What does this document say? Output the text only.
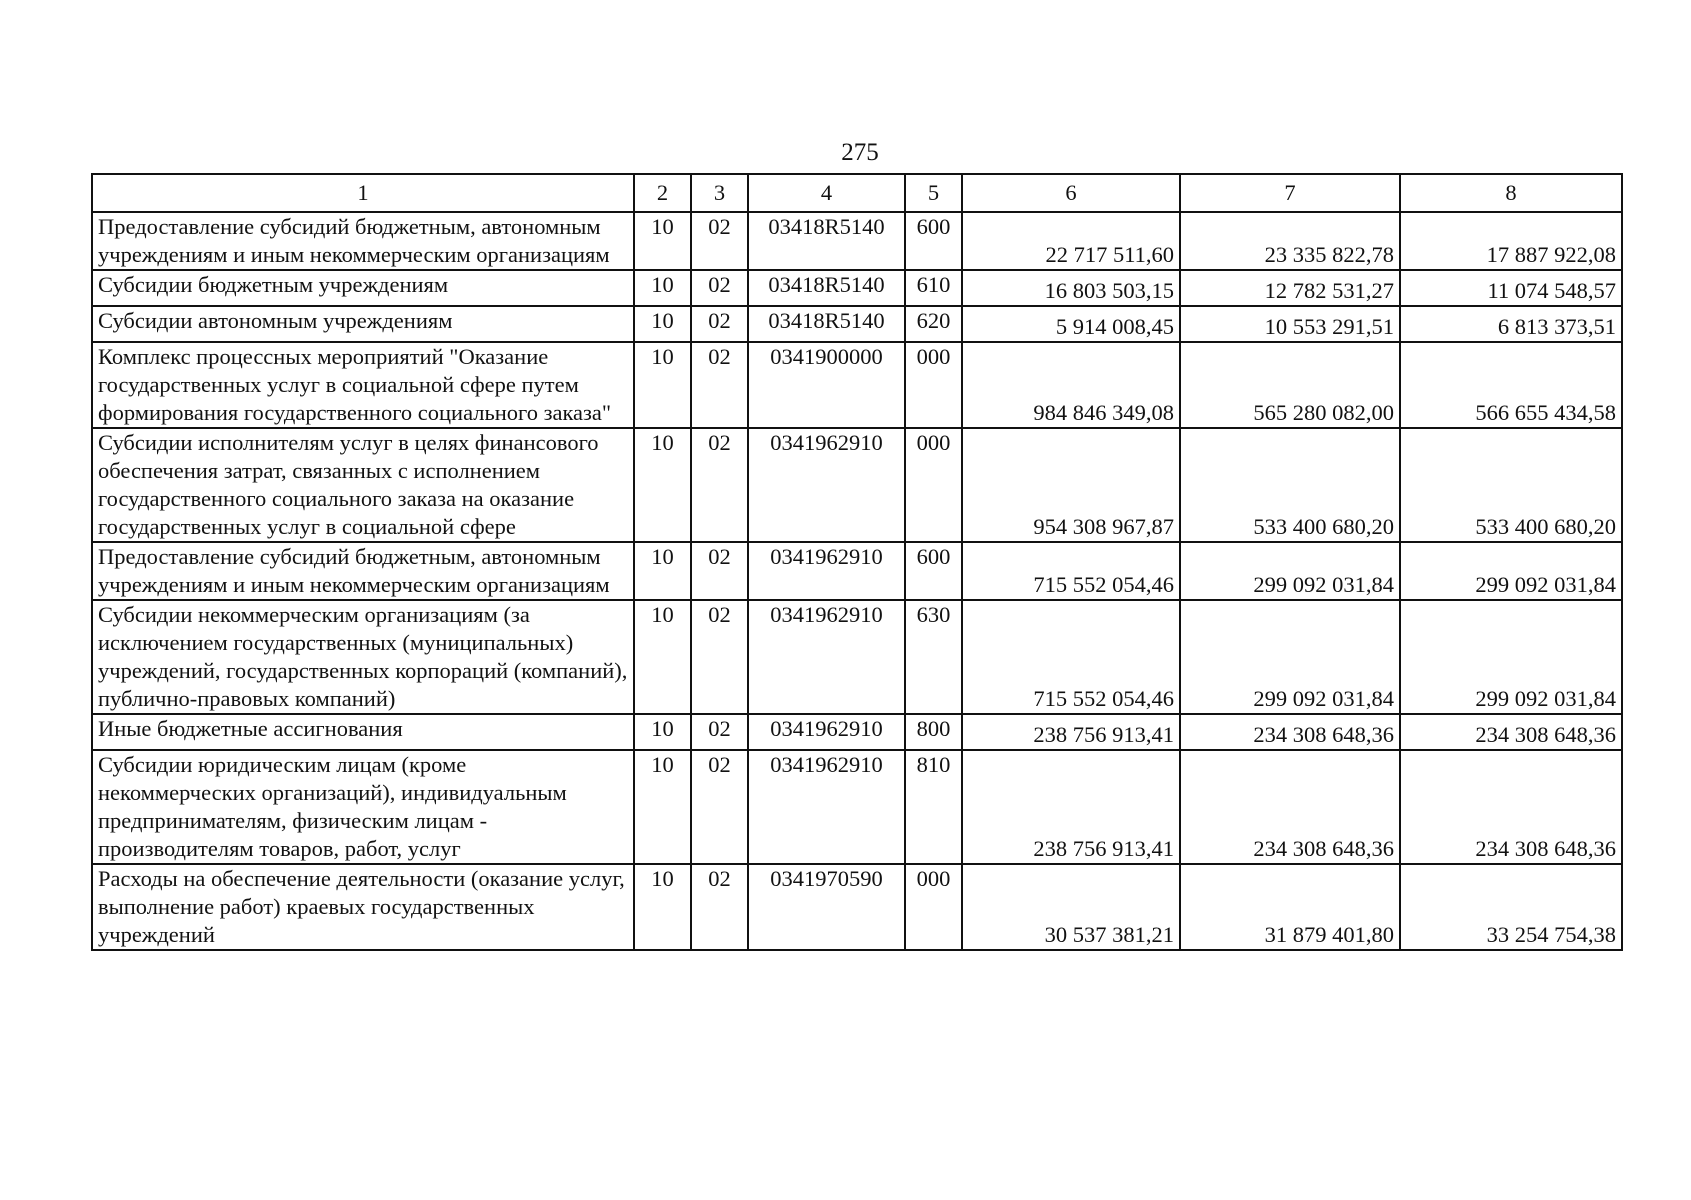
275
1	2	3	4	5	6	7	8
Предоставление субсидий бюджетным, автономным учреждениям и иным некоммерческим организациям	10	02	03418R5140	600	22 717 511,60	23 335 822,78	17 887 922,08
Субсидии бюджетным учреждениям	10	02	03418R5140	610	16 803 503,15	12 782 531,27	11 074 548,57
Субсидии автономным учреждениям	10	02	03418R5140	620	5 914 008,45	10 553 291,51	6 813 373,51
Комплекс процессных мероприятий "Оказание государственных услуг в социальной сфере путем формирования государственного социального заказа"	10	02	0341900000	000	984 846 349,08	565 280 082,00	566 655 434,58
Субсидии исполнителям услуг в целях финансового обеспечения затрат, связанных с исполнением государственного социального заказа на оказание государственных услуг в социальной сфере	10	02	0341962910	000	954 308 967,87	533 400 680,20	533 400 680,20
Предоставление субсидий бюджетным, автономным учреждениям и иным некоммерческим организациям	10	02	0341962910	600	715 552 054,46	299 092 031,84	299 092 031,84
Субсидии некоммерческим организациям (за исключением государственных (муниципальных) учреждений, государственных корпораций (компаний), публично-правовых компаний)	10	02	0341962910	630	715 552 054,46	299 092 031,84	299 092 031,84
Иные бюджетные ассигнования	10	02	0341962910	800	238 756 913,41	234 308 648,36	234 308 648,36
Субсидии юридическим лицам (кроме некоммерческих организаций), индивидуальным предпринимателям, физическим лицам - производителям товаров, работ, услуг	10	02	0341962910	810	238 756 913,41	234 308 648,36	234 308 648,36
Расходы на обеспечение деятельности (оказание услуг, выполнение работ) краевых государственных учреждений	10	02	0341970590	000	30 537 381,21	31 879 401,80	33 254 754,38
